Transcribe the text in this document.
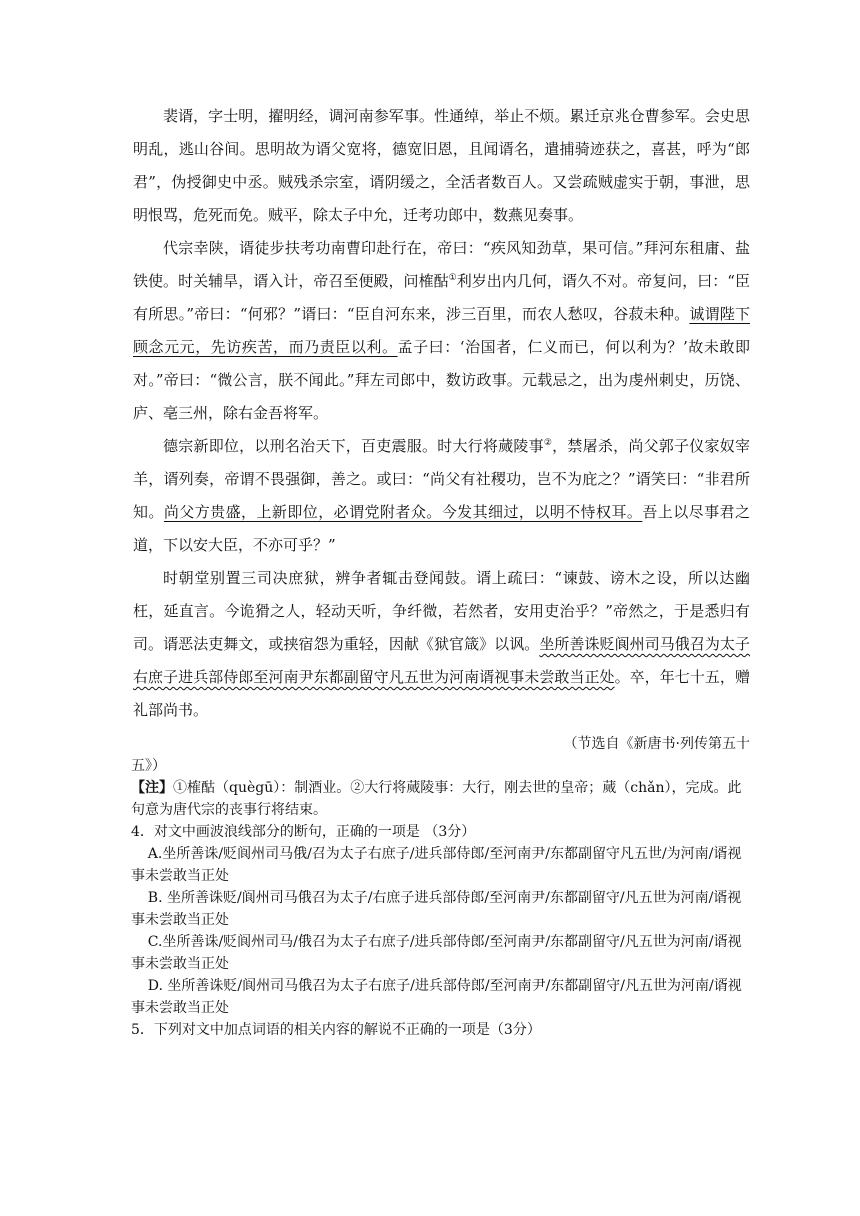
裴谞，字士明，擢明经，调河南参军事。性通绰，举止不烦。累迁京兆仓曹参军。会史思明乱，逃山谷间。思明故为谞父宽将，德宽旧恩，且闻谞名，遣捕骑迹获之，喜甚，呼为“郎君”，伪授御史中丞。贼残杀宗室，谞阴缓之，全活者数百人。又尝疏贼虚实于朝，事泄，思明恨骂，危死而免。贼平，除太子中允，迁考功郎中，数燕见奏事。

代宗幸陕，谞徒步扶考功南曹印赴行在，帝曰：“疾风知劲草，果可信。”拜河东租庸、盐铁使。时关辅旱，谞入计，帝召至便殿，问榷酤①利岁出内几何，谞久不对。帝复问，曰：“臣有所思。”帝曰：“何邪？”谞曰：“臣自河东来，涉三百里，而农人愁叹，谷菽未种。诚谓陛下顾念元元，先访疾苦，而乃责臣以利。孟子曰：‘治国者，仁义而已，何以利为？’故未敢即对。”帝曰：“微公言，朕不闻此。”拜左司郎中，数访政事。元载忌之，出为虔州刺史，历饶、庐、亳三州，除右金吾将军。

德宗新即位，以刑名治天下，百吏震服。时大行将蒇陵事②，禁屠杀，尚父郭子仪家奴宰羊，谞列奏，帝谓不畏强御，善之。或曰：“尚父有社稷功，岂不为庇之？”谞笑曰：“非君所知。尚父方贵盛，上新即位，必谓党附者众。今发其细过，以明不恃权耳。吾上以尽事君之道，下以安大臣，不亦可乎？”

时朝堂别置三司决庶狱，辨争者辄击登闻鼓。谞上疏曰：“谏鼓、谤木之设，所以达幽枉，延直言。今诡猾之人，轻动天听，争纤微，若然者，安用吏治乎？”帝然之，于是悉归有司。谞恶法吏舞文，或挟宿怨为重轻，因献《狱官箴》以讽。坐所善诛贬阆州司马俄召为太子右庶子进兵部侍郎至河南尹东都副留守凡五世为河南谞视事未尝敢当正处。卒，年七十五，赠礼部尚书。

（节选自《新唐书·列传第五十

五》）

【注】①榷酤（quègū）：制酒业。②大行将蒇陵事：大行，刚去世的皇帝；蒇（chǎn），完成。此句意为唐代宗的丧事行将结束。

4．对文中画波浪线部分的断句，正确的一项是 （3分）

A.坐所善诛/贬阆州司马俄/召为太子右庶子/进兵部侍郎/至河南尹/东都副留守凡五世/为河南/谞视事未尝敢当正处

B. 坐所善诛贬/阆州司马俄召为太子/右庶子进兵部侍郎/至河南尹/东都副留守/凡五世为河南/谞视事未尝敢当正处

C.坐所善诛/贬阆州司马/俄召为太子右庶子/进兵部侍郎/至河南尹/东都副留守/凡五世为河南/谞视事未尝敢当正处

D. 坐所善诛贬/阆州司马俄召为太子右庶子/进兵部侍郎/至河南尹/东都副留守/凡五世为河南/谞视事未尝敢当正处

5．下列对文中加点词语的相关内容的解说不正确的一项是（3分）
